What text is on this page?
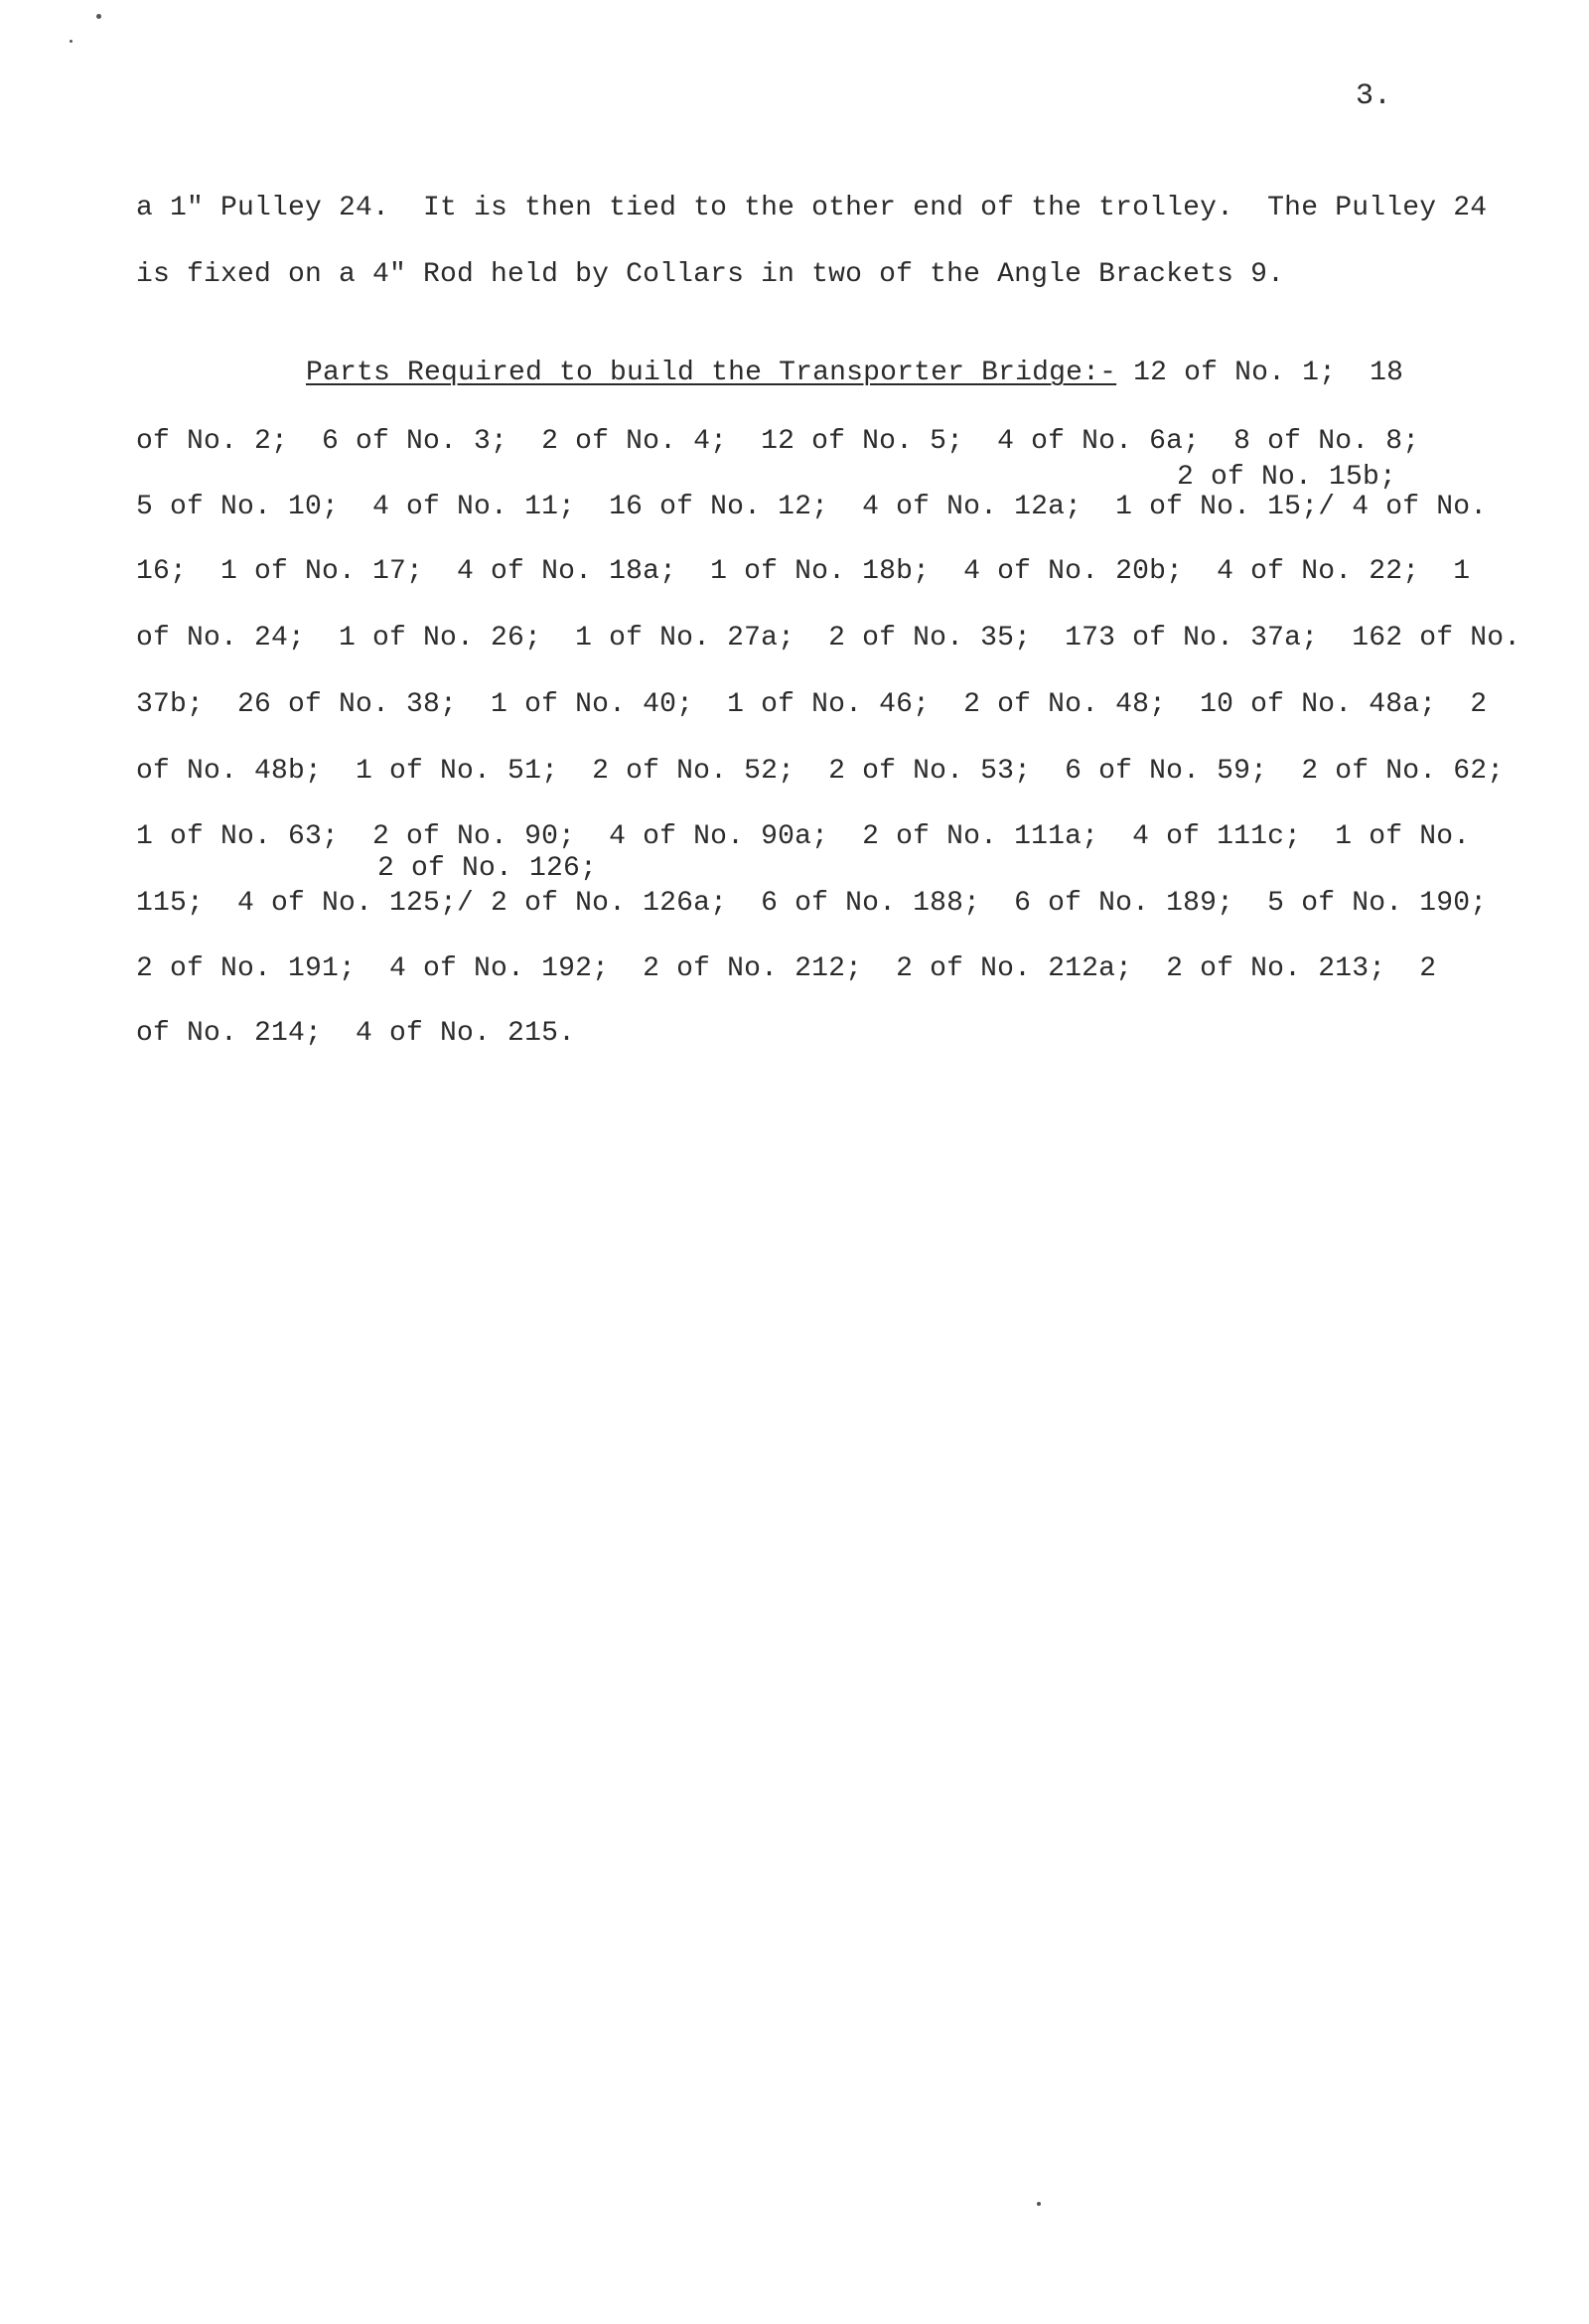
3.
a 1" Pulley 24.  It is then tied to the other end of the trolley.  The Pulley 24
is fixed on a 4" Rod held by Collars in two of the Angle Brackets 9.
Parts Required to build the Transporter Bridge:- 12 of No. 1;  18
of No. 2;  6 of No. 3;  2 of No. 4;  12 of No. 5;  4 of No. 6a;  8 of No. 8;
2 of No. 15b;
5 of No. 10;  4 of No. 11;  16 of No. 12;  4 of No. 12a;  1 of No. 15;/ 4 of No.
16;  1 of No. 17;  4 of No. 18a;  1 of No. 18b;  4 of No. 20b;  4 of No. 22;  1
of No. 24;  1 of No. 26;  1 of No. 27a;  2 of No. 35;  173 of No. 37a;  162 of No.
37b;  26 of No. 38;  1 of No. 40;  1 of No. 46;  2 of No. 48;  10 of No. 48a;  2
of No. 48b;  1 of No. 51;  2 of No. 52;  2 of No. 53;  6 of No. 59;  2 of No. 62;
1 of No. 63;  2 of No. 90;  4 of No. 90a;  2 of No. 111a;  4 of 111c;  1 of No.
2 of No. 126;
115;  4 of No. 125;/ 2 of No. 126a;  6 of No. 188;  6 of No. 189;  5 of No. 190;
2 of No. 191;  4 of No. 192;  2 of No. 212;  2 of No. 212a;  2 of No. 213;  2
of No. 214;  4 of No. 215.
